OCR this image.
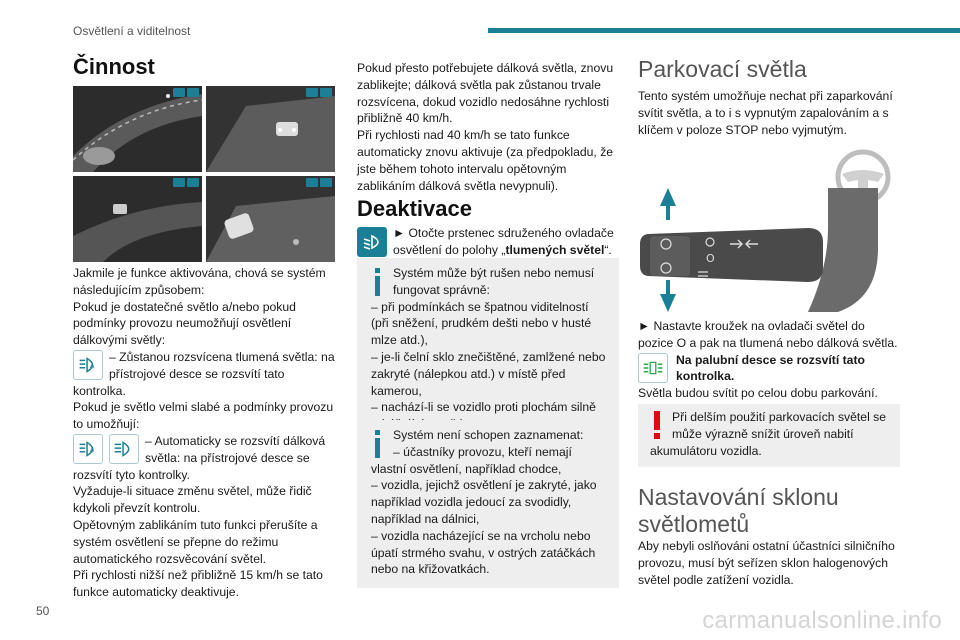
Osvětlení a viditelnost
50	carmanualsonline.info
Činnost
Jakmile je funkce aktivována, chová se systém následujícím způsobem:
Pokud je dostatečné světlo a/nebo pokud podmínky provozu neumožňují osvětlení dálkovými světly:
A
– Zůstanou rozsvícena tlumená světla: na přístrojové desce se rozsvítí tato kontrolka.
Pokud je světlo velmi slabé a podmínky provozu to umožňují:
A
– Automaticky se rozsvítí dálková světla: na přístrojové desce se rozsvítí tyto kontrolky.
Vyžaduje-li situace změnu světel, může řidič kdykoli převzít kontrolu.
Opětovným zablikáním tuto funkci přerušíte a systém osvětlení se přepne do režimu automatického rozsvěcování světel.
Při rychlosti nižší než přibližně 15 km/h se tato funkce automaticky deaktivuje.
Pokud přesto potřebujete dálková světla, znovu zablikejte; dálková světla pak zůstanou trvale rozsvícena, dokud vozidlo nedosáhne rychlosti přibližně 40 km/h.
Při rychlosti nad 40 km/h se tato funkce automaticky znovu aktivuje (za předpokladu, že jste během tohoto intervalu opětovným zablikáním dálková světla nevypnuli).
Deaktivace
► Otočte prstenec sdruženého ovladače osvětlení do polohy „tlumených světel“.
Systém může být rušen nebo nemusí fungovat správně:
– při podmínkách se špatnou viditelností (při sněžení, prudkém dešti nebo v husté mlze atd.),
– je-li čelní sklo znečištěné, zamlžené nebo zakryté (nálepkou atd.) v místě před kamerou,
– nachází-li se vozidlo proti plochám silně
Systém není schopen zaznamenat:
– účastníky provozu, kteří nemají vlastní osvětlení, například chodce,
– vozidla, jejichž osvětlení je zakryté, jako například vozidla jedoucí za svodidly, například na dálnici,
– vozidla nacházející se na vrcholu nebo úpatí strmého svahu, v ostrých zatáčkách nebo na křižovatkách.
Parkovací světla
Tento systém umožňuje nechat při zaparkování svítit světla, a to i s vypnutým zapalováním a s klíčem v poloze STOP nebo vyjmutým.
O
► Nastavte kroužek na ovladači světel do pozice O a pak na tlumená nebo dálková světla.
Na palubní desce se rozsvítí tato kontrolka.
Světla budou svítit po celou dobu parkování.
Při delším použití parkovacích světel se může výrazně snížit úroveň nabití akumulátoru vozidla.
Nastavování sklonu světlometů
Aby nebyli oslňováni ostatní účastníci silničního provozu, musí být seřízen sklon halogenových světel podle zatížení vozidla.
